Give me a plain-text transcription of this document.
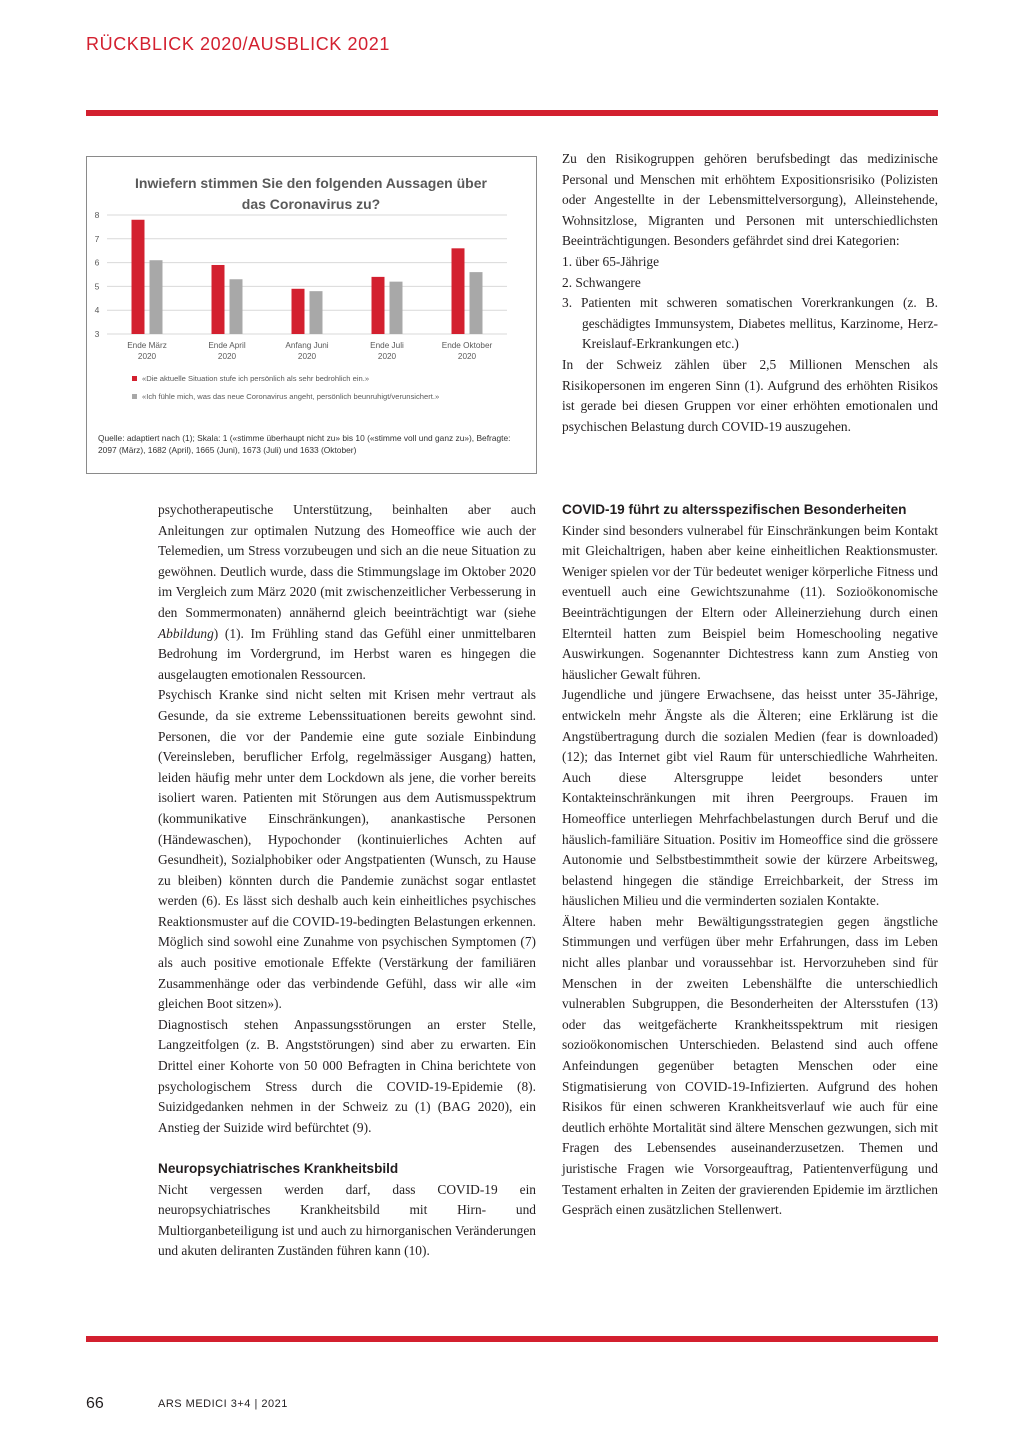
RÜCKBLICK 2020/AUSBLICK 2021
Inwiefern stimmen Sie den folgenden Aussagen über
das Coronavirus zu?
3
4
5
6
7
8
Ende März
2020
Ende April
2020
Anfang Juni
2020
Ende Juli
2020
Ende Oktober
2020
«Die aktuelle Situation stufe ich persönlich als sehr bedrohlich ein.»
«Ich fühle mich, was das neue Coronavirus angeht, persönlich beunruhigt/verunsichert.»
Quelle: adaptiert nach (1); Skala: 1 («stimme überhaupt nicht zu» bis 10 («stimme voll und ganz zu»), Befragte: 2097 (März), 1682 (April), 1665 (Juni), 1673 (Juli) und 1633 (Oktober)

Zu den Risikogruppen gehören berufsbedingt das medizinische Personal und Menschen mit erhöhtem Expositionsrisiko (Polizisten oder Angestellte in der Lebensmittelversorgung), Alleinstehende, Wohnsitzlose, Migranten und Personen mit unterschiedlichsten Beeinträchtigungen. Besonders gefährdet sind drei Kategorien:

1. über 65-Jährige
2. Schwangere
3. Patienten mit schweren somatischen Vorerkrankungen (z. B. geschädigtes Immunsystem, Diabetes mellitus, Karzinome, Herz-Kreislauf-Erkrankungen etc.)

In der Schweiz zählen über 2,5 Millionen Menschen als Risikopersonen im engeren Sinn (1). Aufgrund des erhöhten Risikos ist gerade bei diesen Gruppen vor einer erhöhten emotionalen und psychischen Belastung durch COVID-19 auszugehen.

psychotherapeutische Unterstützung, beinhalten aber auch Anleitungen zur optimalen Nutzung des Homeoffice wie auch der Telemedien, um Stress vorzubeugen und sich an die neue Situation zu gewöhnen. Deutlich wurde, dass die Stimmungslage im Oktober 2020 im Vergleich zum März 2020 (mit zwischenzeitlicher Verbesserung in den Sommermonaten) annähernd gleich beeinträchtigt war (siehe Abbildung) (1). Im Frühling stand das Gefühl einer unmittelbaren Bedrohung im Vordergrund, im Herbst waren es hingegen die ausgelaugten emotionalen Ressourcen.

Psychisch Kranke sind nicht selten mit Krisen mehr vertraut als Gesunde, da sie extreme Lebenssituationen bereits gewohnt sind. Personen, die vor der Pandemie eine gute soziale Einbindung (Vereinsleben, beruflicher Erfolg, regelmässiger Ausgang) hatten, leiden häufig mehr unter dem Lockdown als jene, die vorher bereits isoliert waren. Patienten mit Störungen aus dem Autismusspektrum (kommunikative Einschränkungen), anankastische Personen (Händewaschen), Hypochonder (kontinuierliches Achten auf Gesundheit), Sozialphobiker oder Angstpatienten (Wunsch, zu Hause zu bleiben) könnten durch die Pandemie zunächst sogar entlastet werden (6). Es lässt sich deshalb auch kein einheitliches psychisches Reaktionsmuster auf die COVID-19-bedingten Belastungen erkennen. Möglich sind sowohl eine Zunahme von psychischen Symptomen (7) als auch positive emotionale Effekte (Verstärkung der familiären Zusammenhänge oder das verbindende Gefühl, dass wir alle «im gleichen Boot sitzen»).

Diagnostisch stehen Anpassungsstörungen an erster Stelle, Langzeitfolgen (z. B. Angststörungen) sind aber zu erwarten. Ein Drittel einer Kohorte von 50 000 Befragten in China berichtete von psychologischem Stress durch die COVID-19-Epidemie (8). Suizidgedanken nehmen in der Schweiz zu (1) (BAG 2020), ein Anstieg der Suizide wird befürchtet (9).

Neuropsychiatrisches Krankheitsbild

Nicht vergessen werden darf, dass COVID-19 ein neuropsychiatrisches Krankheitsbild mit Hirn- und Multiorganbeteiligung ist und auch zu hirnorganischen Veränderungen und akuten deliranten Zuständen führen kann (10).

COVID-19 führt zu altersspezifischen Besonderheiten

Kinder sind besonders vulnerabel für Einschränkungen beim Kontakt mit Gleichaltrigen, haben aber keine einheitlichen Reaktionsmuster. Weniger spielen vor der Tür bedeutet weniger körperliche Fitness und eventuell auch eine Gewichtszunahme (11). Sozioökonomische Beeinträchtigungen der Eltern oder Alleinerziehung durch einen Elternteil hatten zum Beispiel beim Homeschooling negative Auswirkungen. Sogenannter Dichtestress kann zum Anstieg von häuslicher Gewalt führen.

Jugendliche und jüngere Erwachsene, das heisst unter 35-Jährige, entwickeln mehr Ängste als die Älteren; eine Erklärung ist die Angstübertragung durch die sozialen Medien (fear is downloaded) (12); das Internet gibt viel Raum für unterschiedliche Wahrheiten. Auch diese Altersgruppe leidet besonders unter Kontakteinschränkungen mit ihren Peergroups. Frauen im Homeoffice unterliegen Mehrfachbelastungen durch Beruf und die häuslich-familiäre Situation. Positiv im Homeoffice sind die grössere Autonomie und Selbstbestimmtheit sowie der kürzere Arbeitsweg, belastend hingegen die ständige Erreichbarkeit, der Stress im häuslichen Milieu und die verminderten sozialen Kontakte.

Ältere haben mehr Bewältigungsstrategien gegen ängstliche Stimmungen und verfügen über mehr Erfahrungen, dass im Leben nicht alles planbar und voraussehbar ist. Hervorzuheben sind für Menschen in der zweiten Lebenshälfte die unterschiedlich vulnerablen Subgruppen, die Besonderheiten der Altersstufen (13) oder das weitgefächerte Krankheitsspektrum mit riesigen sozioökonomischen Unterschieden. Belastend sind auch offene Anfeindungen gegenüber betagten Menschen oder eine Stigmatisierung von COVID-19-Infizierten. Aufgrund des hohen Risikos für einen schweren Krankheitsverlauf wie auch für eine deutlich erhöhte Mortalität sind ältere Menschen gezwungen, sich mit Fragen des Lebensendes auseinanderzusetzen. Themen und juristische Fragen wie Vorsorgeauftrag, Patientenverfügung und Testament erhalten in Zeiten der gravierenden Epidemie im ärztlichen Gespräch einen zusätzlichen Stellenwert.

66	ARS MEDICI 3+4 | 2021
